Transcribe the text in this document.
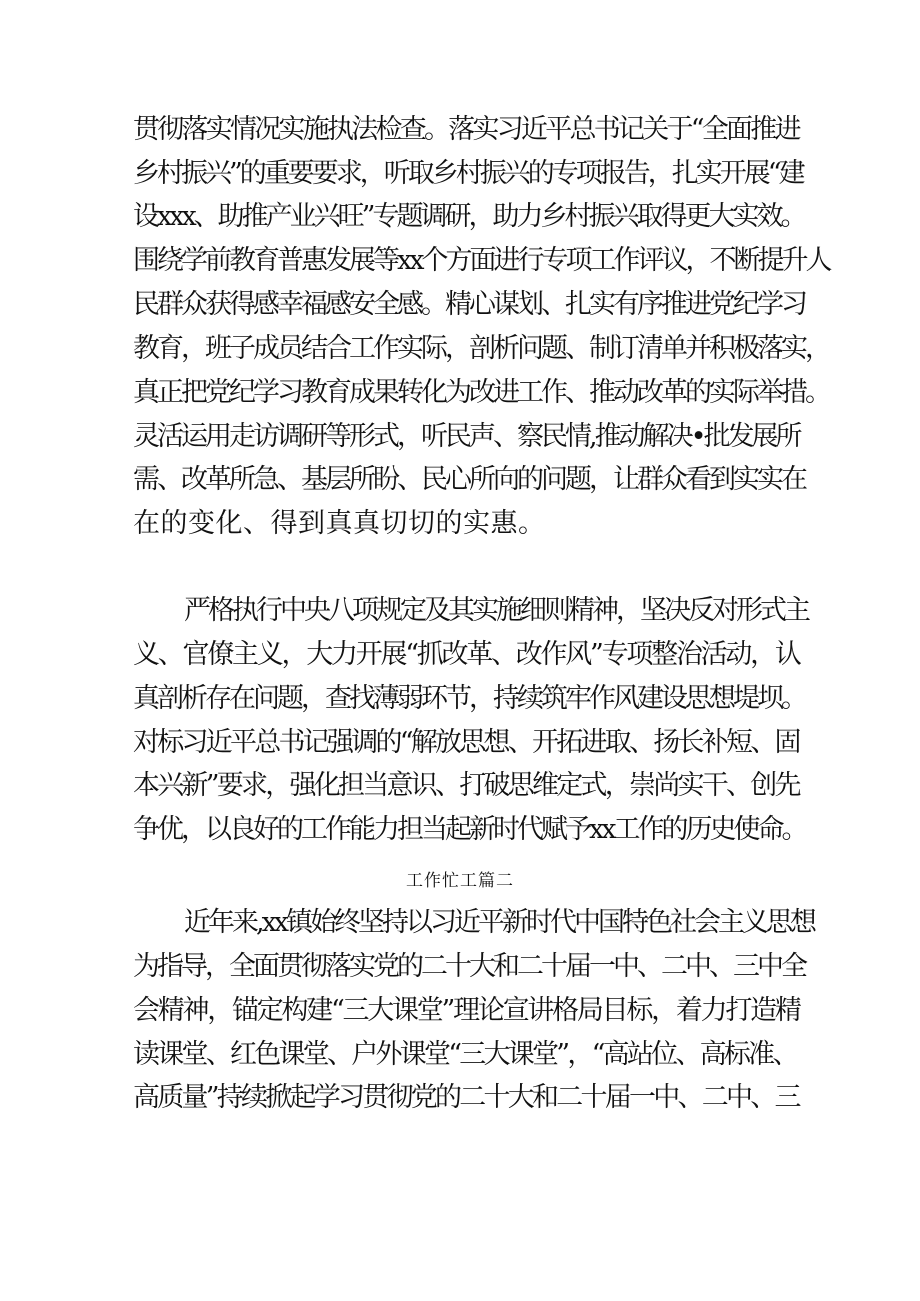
贯彻落实情况实施执法检查。落实习近平总书记关于“全面推进
乡村振兴”的重要要求，听取乡村振兴的专项报告，扎实开展“建
设xxx、助推产业兴旺”专题调研，助力乡村振兴取得更大实效。
围绕学前教育普惠发展等xx个方面进行专项工作评议，不断提升人
民群众获得感幸福感安全感。精心谋划、扎实有序推进党纪学习
教育，班子成员结合工作实际，剖析问题、制订清单并积极落实，
真正把党纪学习教育成果转化为改进工作、推动改革的实际举措。
灵活运用走访调研等形式，听民声、察民情,推动解决•批发展所
需、改革所急、基层所盼、民心所向的问题，让群众看到实实在
在的变化、得到真真切切的实惠。
严格执行中央八项规定及其实施细则精神，坚决反对形式主
义、官僚主义，大力开展“抓改革、改作风”专项整治活动，认
真剖析存在问题，查找薄弱环节，持续筑牢作风建设思想堤坝。
对标习近平总书记强调的“解放思想、开拓进取、扬长补短、固
本兴新”要求，强化担当意识、打破思维定式，崇尚实干、创先
争优，以良好的工作能力担当起新时代赋予xx工作的历史使命。
工作忙工篇二
近年来,xx镇始终坚持以习近平新时代中国特色社会主义思想
为指导，全面贯彻落实党的二十大和二十届一中、二中、三中全
会精神，锚定构建“三大课堂”理论宣讲格局目标，着力打造精
读课堂、红色课堂、户外课堂“三大课堂”，“高站位、高标准、
高质量”持续掀起学习贯彻党的二十大和二十届一中、二中、三
